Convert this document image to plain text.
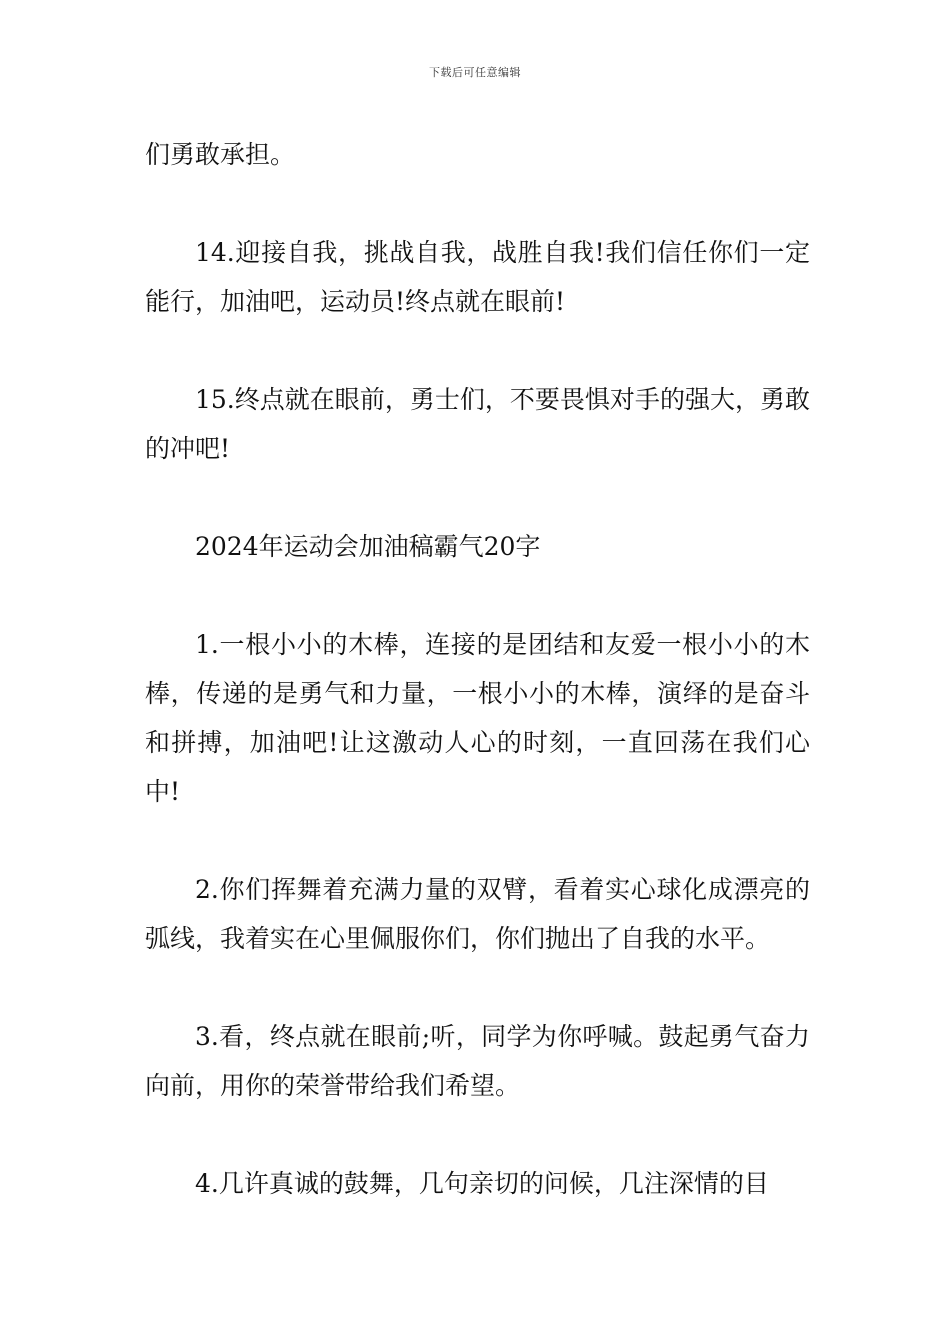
下载后可任意编辑

们勇敢承担。

14.迎接自我，挑战自我，战胜自我!我们信任你们一定能行，加油吧，运动员!终点就在眼前!

15.终点就在眼前，勇士们，不要畏惧对手的强大，勇敢的冲吧!

2024年运动会加油稿霸气20字

1.一根小小的木棒，连接的是团结和友爱一根小小的木棒，传递的是勇气和力量，一根小小的木棒，演绎的是奋斗和拼搏，加油吧!让这激动人心的时刻，一直回荡在我们心中!

2.你们挥舞着充满力量的双臂，看着实心球化成漂亮的弧线，我着实在心里佩服你们，你们抛出了自我的水平。

3.看，终点就在眼前;听，同学为你呼喊。鼓起勇气奋力向前，用你的荣誉带给我们希望。

4.几许真诚的鼓舞，几句亲切的问候，几注深情的目
